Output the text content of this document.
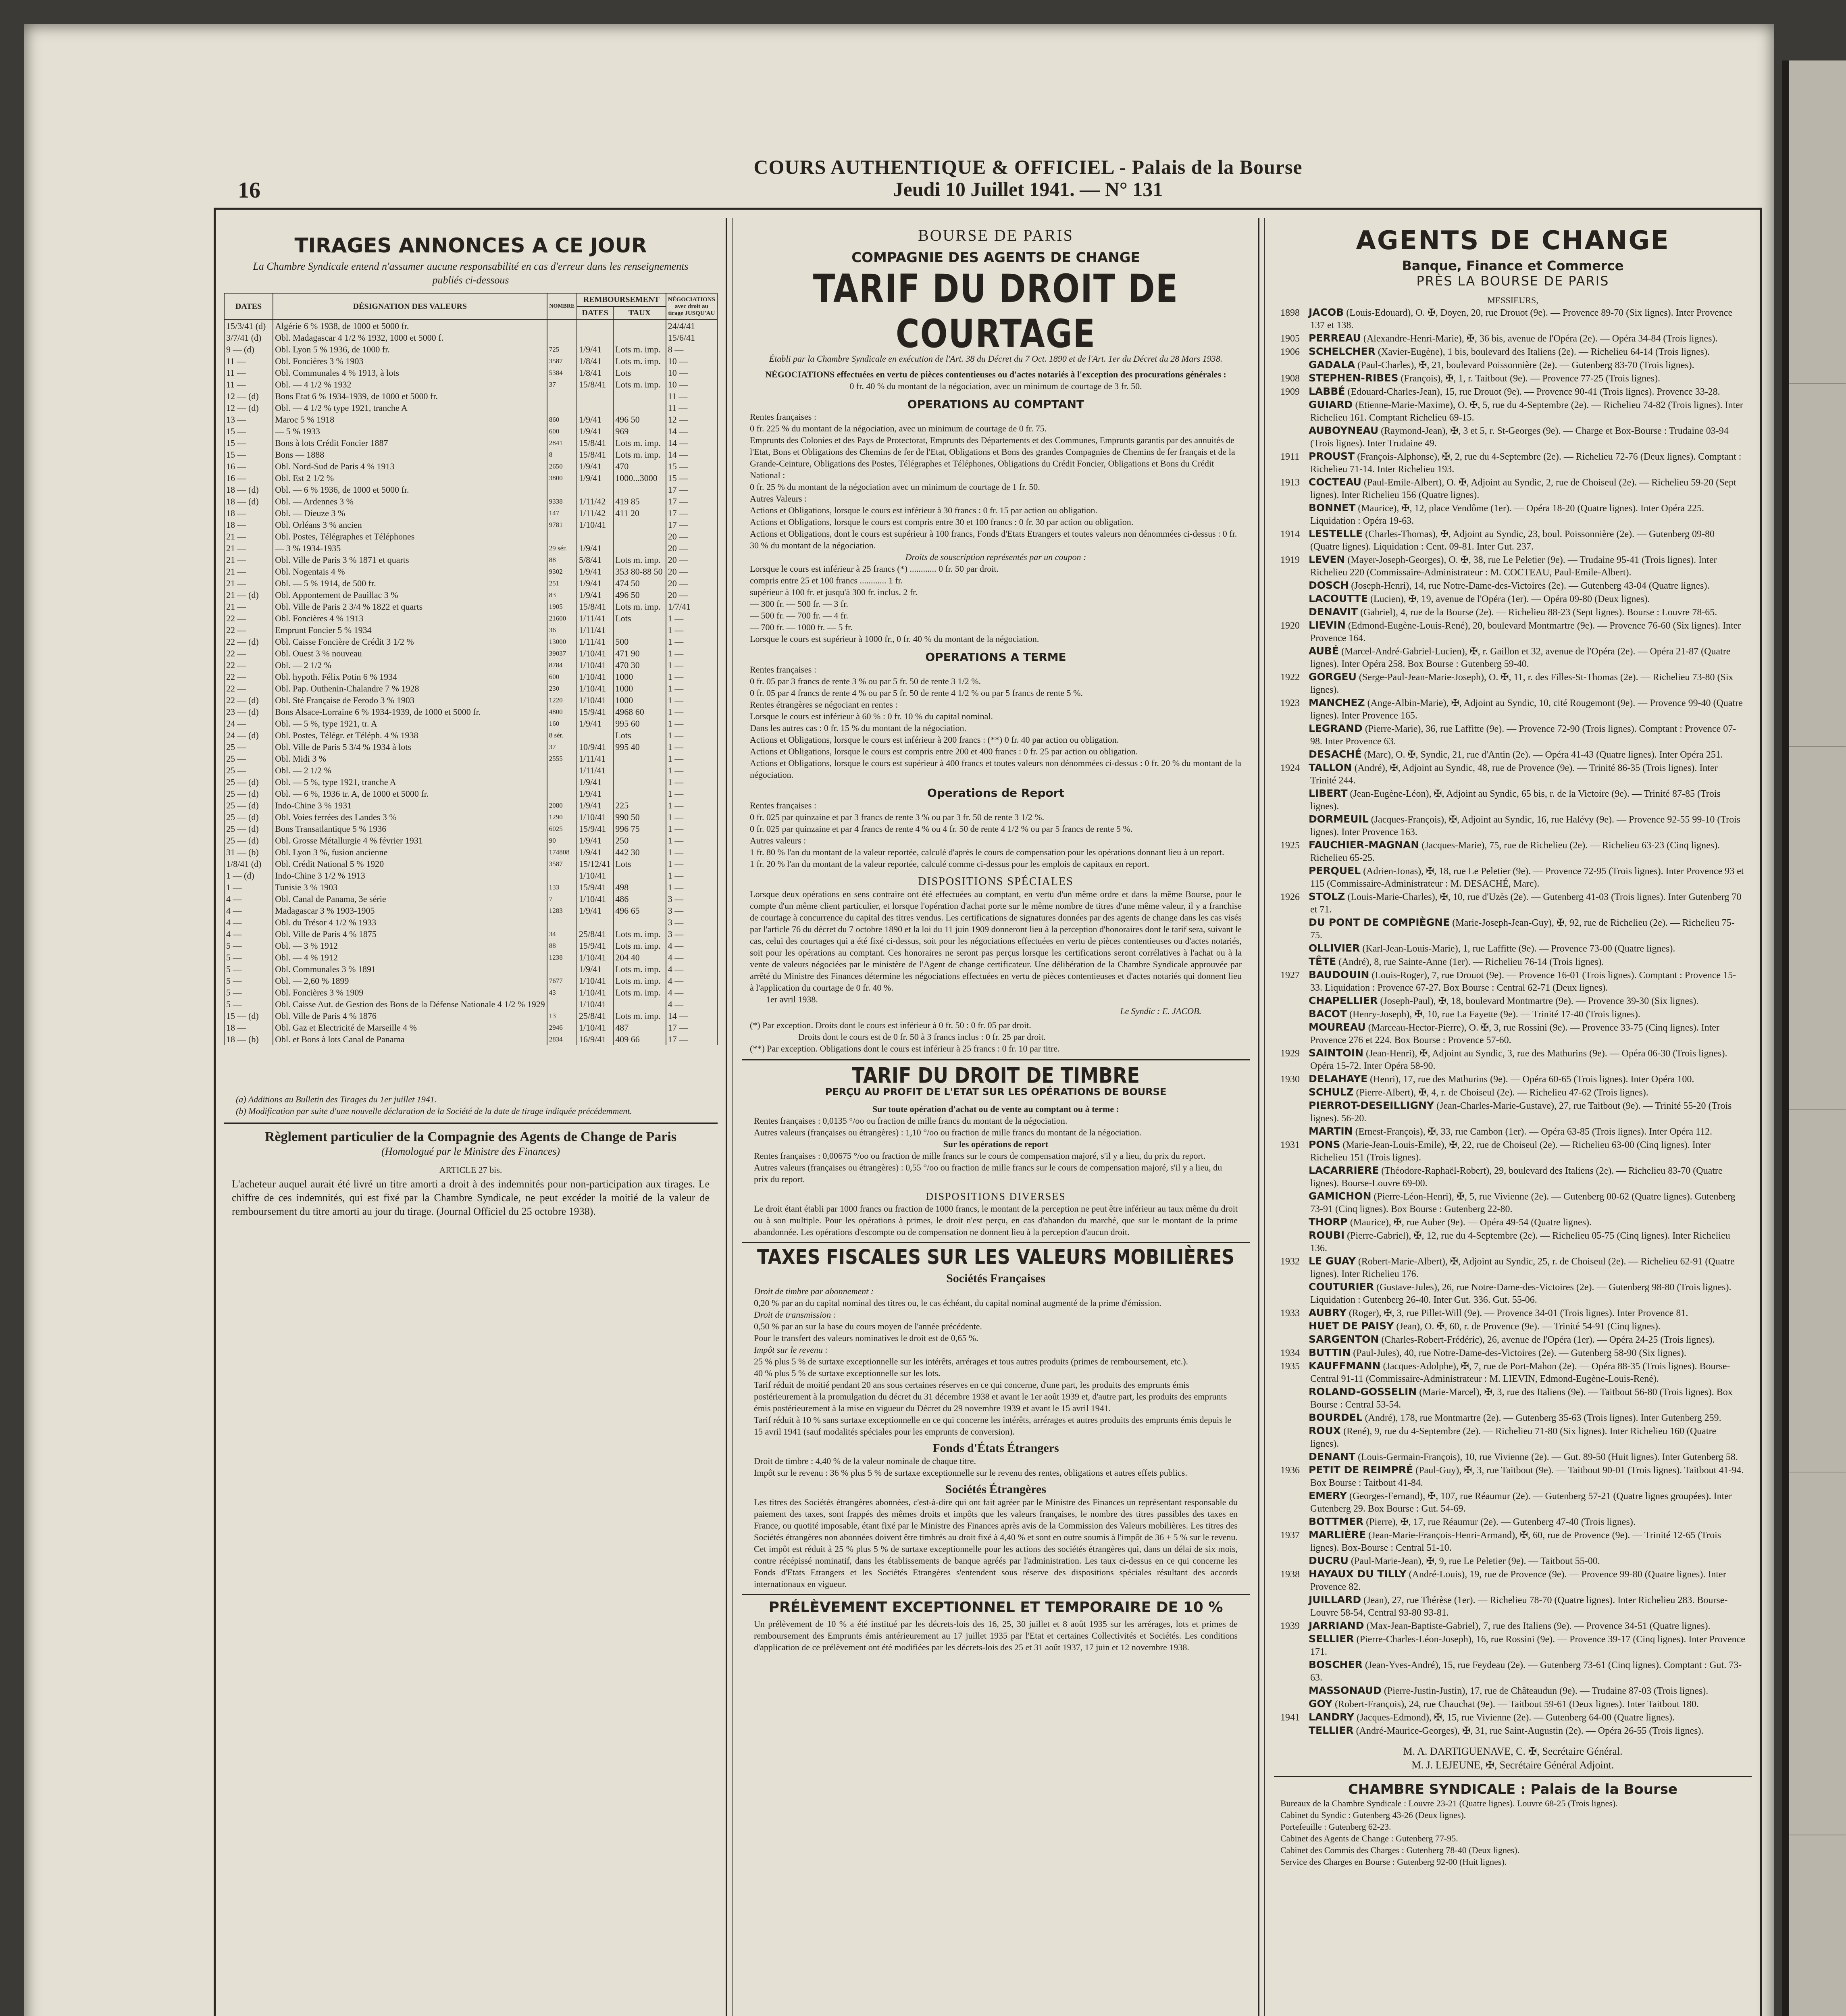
16
COURS AUTHENTIQUE & OFFICIEL - Palais de la Bourse
Jeudi 10 Juillet 1941. — N° 131
TIRAGES ANNONCES A CE JOUR
La Chambre Syndicale entend n'assumer aucune responsabilité en cas d'erreur dans les renseignements publiés ci-dessous
DATES	DÉSIGNATION DES VALEURS	NOMBRE	REMBOURSEMENT		NÉGOCIATIONS avec droit au tirage JUSQU'AU
			DATES	TAUX	
15/3/41 (d)	Algérie 6 % 1938, de 1000 et 5000 fr.				24/4/41
3/7/41 (d)	Obl. Madagascar 4 1/2 % 1932, 1000 et 5000 f.				15/6/41
9 — (d)	Obl. Lyon 5 % 1936, de 1000 fr.	725	1/9/41	Lots m. imp.	8 —
11 —	Obl. Foncières 3 % 1903	3587	1/8/41	Lots m. imp.	10 —
11 —	Obl. Communales 4 % 1913, à lots	5384	1/8/41	Lots	10 —
11 —	Obl. — 4 1/2 % 1932	37	15/8/41	Lots m. imp.	10 —
12 — (d)	Bons Etat 6 % 1934-1939, de 1000 et 5000 fr.				11 —
12 — (d)	Obl. — 4 1/2 % type 1921, tranche A				11 —
13 —	Maroc 5 % 1918	860	1/9/41	496 50	12 —
15 —	— 5 % 1933	600	1/9/41	969	14 —
15 —	Bons à lots Crédit Foncier 1887	2841	15/8/41	Lots m. imp.	14 —
15 —	Bons — 1888	8	15/8/41	Lots m. imp.	14 —
16 —	Obl. Nord-Sud de Paris 4 % 1913	2650	1/9/41	470	15 —
16 —	Obl. Est 2 1/2 %	3800	1/9/41	1000...3000	15 —
18 — (d)	Obl. — 6 % 1936, de 1000 et 5000 fr.				17 —
18 — (d)	Obl. — Ardennes 3 %	9338	1/11/42	419 85	17 —
18 —	Obl. — Dieuze 3 %	147	1/11/42	411 20	17 —
18 —	Obl. Orléans 3 % ancien	9781	1/10/41		17 —
21 —	Obl. Postes, Télégraphes et Téléphones				20 —
21 —	— 3 % 1934-1935	29 sér.	1/9/41		20 —
21 —	Obl. Ville de Paris 3 % 1871 et quarts	88	5/8/41	Lots m. imp.	20 —
21 —	Obl. Nogentais 4 %	9302	1/9/41	353 80-88 50	20 —
21 —	Obl. — 5 % 1914, de 500 fr.	251	1/9/41	474 50	20 —
21 — (d)	Obl. Appontement de Pauillac 3 %	83	1/9/41	496 50	20 —
21 —	Obl. Ville de Paris 2 3/4 % 1822 et quarts	1905	15/8/41	Lots m. imp.	1/7/41
22 —	Obl. Foncières 4 % 1913	21600	1/11/41	Lots	1 —
22 —	Emprunt Foncier 5 % 1934	36	1/11/41		1 —
22 — (d)	Obl. Caisse Foncière de Crédit 3 1/2 %	13000	1/11/41	500	1 —
22 —	Obl. Ouest 3 % nouveau	39037	1/10/41	471 90	1 —
22 —	Obl. — 2 1/2 %	8784	1/10/41	470 30	1 —
22 —	Obl. hypoth. Félix Potin 6 % 1934	600	1/10/41	1000	1 —
22 —	Obl. Pap. Outhenin-Chalandre 7 % 1928	230	1/10/41	1000	1 —
22 — (d)	Obl. Sté Française de Ferodo 3 % 1903	1220	1/10/41	1000	1 —
23 — (d)	Bons Alsace-Lorraine 6 % 1934-1939, de 1000 et 5000 fr.	4800	15/9/41	4968 60	1 —
24 —	Obl. — 5 %, type 1921, tr. A	160	1/9/41	995 60	1 —
24 — (d)	Obl. Postes, Télégr. et Téléph. 4 % 1938	8 sér.		Lots	1 —
25 —	Obl. Ville de Paris 5 3/4 % 1934 à lots	37	10/9/41	995 40	1 —
25 —	Obl. Midi 3 %	2555	1/11/41		1 —
25 —	Obl. — 2 1/2 %		1/11/41		1 —
25 — (d)	Obl. — 5 %, type 1921, tranche A		1/9/41		1 —
25 — (d)	Obl. — 6 %, 1936 tr. A, de 1000 et 5000 fr.		1/9/41		1 —
25 — (d)	Indo-Chine 3 % 1931	2080	1/9/41	225	1 —
25 — (d)	Obl. Voies ferrées des Landes 3 %	1290	1/10/41	990 50	1 —
25 — (d)	Bons Transatlantique 5 % 1936	6025	15/9/41	996 75	1 —
25 — (d)	Obl. Grosse Métallurgie 4 % février 1931	90	1/9/41	250	1 —
31 — (b)	Obl. Lyon 3 %, fusion ancienne	174808	1/9/41	442 30	1 —
1/8/41 (d)	Obl. Crédit National 5 % 1920	3587	15/12/41	Lots	1 —
1 — (d)	Indo-Chine 3 1/2 % 1913		1/10/41		1 —
1 —	Tunisie 3 % 1903	133	15/9/41	498	1 —
4 —	Obl. Canal de Panama, 3e série	7	1/10/41	486	3 —
4 —	Madagascar 3 % 1903-1905	1283	1/9/41	496 65	3 —
4 —	Obl. du Trésor 4 1/2 % 1933				3 —
4 —	Obl. Ville de Paris 4 % 1875	34	25/8/41	Lots m. imp.	3 —
5 —	Obl. — 3 % 1912	88	15/9/41	Lots m. imp.	4 —
5 —	Obl. — 4 % 1912	1238	1/10/41	204 40	4 —
5 —	Obl. Communales 3 % 1891		1/9/41	Lots m. imp.	4 —
5 —	Obl. — 2,60 % 1899	7677	1/10/41	Lots m. imp.	4 —
5 —	Obl. Foncières 3 % 1909	43	1/10/41	Lots m. imp.	4 —
5 —	Obl. Caisse Aut. de Gestion des Bons de la Défense Nationale 4 1/2 % 1929		1/10/41		4 —
15 — (d)	Obl. Ville de Paris 4 % 1876	13	25/8/41	Lots m. imp.	14 —
18 —	Obl. Gaz et Electricité de Marseille 4 %	2946	1/10/41	487	17 —
18 — (b)	Obl. et Bons à lots Canal de Panama	2834	16/9/41	409 66	17 —
(a) Additions au Bulletin des Tirages du 1er juillet 1941.
(b) Modification par suite d'une nouvelle déclaration de la Société de la date de tirage indiquée précédemment.
Règlement particulier de la Compagnie des Agents de Change de Paris
(Homologué par le Ministre des Finances)
ARTICLE 27 bis.
L'acheteur auquel aurait été livré un titre amorti a droit à des indemnités pour non-participation aux tirages. Le chiffre de ces indemnités, qui est fixé par la Chambre Syndicale, ne peut excéder la moitié de la valeur de remboursement du titre amorti au jour du tirage. (Journal Officiel du 25 octobre 1938).
BOURSE DE PARIS
COMPAGNIE DES AGENTS DE CHANGE
TARIF DU DROIT DE COURTAGE
Établi par la Chambre Syndicale en exécution de l'Art. 38 du Décret du 7 Oct. 1890 et de l'Art. 1er du Décret du 28 Mars 1938.
NÉGOCIATIONS effectuées en vertu de pièces contentieuses ou d'actes notariés à l'exception des procurations générales :
0 fr. 40 % du montant de la négociation, avec un minimum de courtage de 3 fr. 50.
OPERATIONS AU COMPTANT
Rentes françaises :
0 fr. 225 % du montant de la négociation, avec un minimum de courtage de 0 fr. 75.
Emprunts des Colonies et des Pays de Protectorat, Emprunts des Départements et des Communes, Emprunts garantis par des annuités de l'Etat, Bons et Obligations des Chemins de fer de l'Etat, Obligations et Bons des grandes Compagnies de Chemins de fer français et de la Grande-Ceinture, Obligations des Postes, Télégraphes et Téléphones, Obligations du Crédit Foncier, Obligations et Bons du Crédit National :
0 fr. 25 % du montant de la négociation avec un minimum de courtage de 1 fr. 50.
Autres Valeurs :
Actions et Obligations, lorsque le cours est inférieur à 30 francs : 0 fr. 15 par action ou obligation.
Actions et Obligations, lorsque le cours est compris entre 30 et 100 francs : 0 fr. 30 par action ou obligation.
Actions et Obligations, dont le cours est supérieur à 100 francs, Fonds d'Etats Etrangers et toutes valeurs non dénommées ci-dessus : 0 fr. 30 % du montant de la négociation.
Droits de souscription représentés par un coupon :
Lorsque le cours est inférieur à 25 francs (*) ............ 0 fr. 50 par droit.
compris entre 25 et 100 francs ............ 1 fr.
supérieur à 100 fr. et jusqu'à 300 fr. inclus. 2 fr.
— 300 fr. — 500 fr. — 3 fr.
— 500 fr. — 700 fr. — 4 fr.
— 700 fr. — 1000 fr. — 5 fr.
Lorsque le cours est supérieur à 1000 fr., 0 fr. 40 % du montant de la négociation.
OPERATIONS A TERME
Rentes françaises :
0 fr. 05 par 3 francs de rente 3 % ou par 5 fr. 50 de rente 3 1/2 %.
0 fr. 05 par 4 francs de rente 4 % ou par 5 fr. 50 de rente 4 1/2 % ou par 5 francs de rente 5 %.
Rentes étrangères se négociant en rentes :
Lorsque le cours est inférieur à 60 % : 0 fr. 10 % du capital nominal.
Dans les autres cas : 0 fr. 15 % du montant de la négociation.
Actions et Obligations, lorsque le cours est inférieur à 200 francs : (**) 0 fr. 40 par action ou obligation.
Actions et Obligations, lorsque le cours est compris entre 200 et 400 francs : 0 fr. 25 par action ou obligation.
Actions et Obligations, lorsque le cours est supérieur à 400 francs et toutes valeurs non dénommées ci-dessus : 0 fr. 20 % du montant de la négociation.
Operations de Report
Rentes françaises :
0 fr. 025 par quinzaine et par 3 francs de rente 3 % ou par 3 fr. 50 de rente 3 1/2 %.
0 fr. 025 par quinzaine et par 4 francs de rente 4 % ou 4 fr. 50 de rente 4 1/2 % ou par 5 francs de rente 5 %.
Autres valeurs :
1 fr. 80 % l'an du montant de la valeur reportée, calculé d'après le cours de compensation pour les opérations donnant lieu à un report.
1 fr. 20 % l'an du montant de la valeur reportée, calculé comme ci-dessus pour les emplois de capitaux en report.
DISPOSITIONS SPÉCIALES
Lorsque deux opérations en sens contraire ont été effectuées au comptant, en vertu d'un même ordre et dans la même Bourse, pour le compte d'un même client particulier, et lorsque l'opération d'achat porte sur le même nombre de titres d'une même valeur, il y a franchise de courtage à concurrence du capital des titres vendus. Les certifications de signatures données par des agents de change dans les cas visés par l'article 76 du décret du 7 octobre 1890 et la loi du 11 juin 1909 donneront lieu à la perception d'honoraires dont le tarif sera, suivant le cas, celui des courtages qui a été fixé ci-dessus, soit pour les négociations effectuées en vertu de pièces contentieuses ou d'actes notariés, soit pour les opérations au comptant. Ces honoraires ne seront pas perçus lorsque les certifications seront corrélatives à l'achat ou à la vente de valeurs négociées par le ministère de l'Agent de change certificateur. Une délibération de la Chambre Syndicale approuvée par arrêté du Ministre des Finances détermine les négociations effectuées en vertu de pièces contentieuses et d'actes notariés qui donnent lieu à l'application du courtage de 0 fr. 40 %.
1er avril 1938.
Le Syndic : E. JACOB.
(*) Par exception. Droits dont le cours est inférieur à 0 fr. 50 : 0 fr. 05 par droit.
Droits dont le cours est de 0 fr. 50 à 3 francs inclus : 0 fr. 25 par droit.
(**) Par exception. Obligations dont le cours est inférieur à 25 francs : 0 fr. 10 par titre.
TARIF DU DROIT DE TIMBRE
PERÇU AU PROFIT DE L'ETAT SUR LES OPÉRATIONS DE BOURSE
Sur toute opération d'achat ou de vente au comptant ou à terme :
Rentes françaises : 0,0135 °/oo ou fraction de mille francs du montant de la négociation.
Autres valeurs (françaises ou étrangères) : 1,10 °/oo ou fraction de mille francs du montant de la négociation.
Sur les opérations de report
Rentes françaises : 0,00675 °/oo ou fraction de mille francs sur le cours de compensation majoré, s'il y a lieu, du prix du report.
Autres valeurs (françaises ou étrangères) : 0,55 °/oo ou fraction de mille francs sur le cours de compensation majoré, s'il y a lieu, du prix du report.
DISPOSITIONS DIVERSES
Le droit étant établi par 1000 francs ou fraction de 1000 francs, le montant de la perception ne peut être inférieur au taux même du droit ou à son multiple. Pour les opérations à primes, le droit n'est perçu, en cas d'abandon du marché, que sur le montant de la prime abandonnée. Les opérations d'escompte ou de compensation ne donnent lieu à la perception d'aucun droit.
TAXES FISCALES SUR LES VALEURS MOBILIÈRES
Sociétés Françaises
Droit de timbre par abonnement :
0,20 % par an du capital nominal des titres ou, le cas échéant, du capital nominal augmenté de la prime d'émission.
Droit de transmission :
0,50 % par an sur la base du cours moyen de l'année précédente.
Pour le transfert des valeurs nominatives le droit est de 0,65 %.
Impôt sur le revenu :
25 % plus 5 % de surtaxe exceptionnelle sur les intérêts, arrérages et tous autres produits (primes de remboursement, etc.).
40 % plus 5 % de surtaxe exceptionnelle sur les lots.
Tarif réduit de moitié pendant 20 ans sous certaines réserves en ce qui concerne, d'une part, les produits des emprunts émis postérieurement à la promulgation du décret du 31 décembre 1938 et avant le 1er août 1939 et, d'autre part, les produits des emprunts émis postérieurement à la mise en vigueur du Décret du 29 novembre 1939 et avant le 15 avril 1941.
Tarif réduit à 10 % sans surtaxe exceptionnelle en ce qui concerne les intérêts, arrérages et autres produits des emprunts émis depuis le 15 avril 1941 (sauf modalités spéciales pour les emprunts de conversion).
Fonds d'États Étrangers
Droit de timbre : 4,40 % de la valeur nominale de chaque titre.
Impôt sur le revenu : 36 % plus 5 % de surtaxe exceptionnelle sur le revenu des rentes, obligations et autres effets publics.
Sociétés Étrangères
Les titres des Sociétés étrangères abonnées, c'est-à-dire qui ont fait agréer par le Ministre des Finances un représentant responsable du paiement des taxes, sont frappés des mêmes droits et impôts que les valeurs françaises, le nombre des titres passibles des taxes en France, ou quotité imposable, étant fixé par le Ministre des Finances après avis de la Commission des Valeurs mobilières. Les titres des Sociétés étrangères non abonnées doivent être timbrés au droit fixé à 4,40 % et sont en outre soumis à l'impôt de 36 + 5 % sur le revenu. Cet impôt est réduit à 25 % plus 5 % de surtaxe exceptionnelle pour les actions des sociétés étrangères qui, dans un délai de six mois, contre récépissé nominatif, dans les établissements de banque agréés par l'administration. Les taux ci-dessus en ce qui concerne les Fonds d'Etats Etrangers et les Sociétés Etrangères s'entendent sous réserve des dispositions spéciales résultant des accords internationaux en vigueur.
PRÉLÈVEMENT EXCEPTIONNEL ET TEMPORAIRE DE 10 %
Un prélèvement de 10 % a été institué par les décrets-lois des 16, 25, 30 juillet et 8 août 1935 sur les arrérages, lots et primes de remboursement des Emprunts émis antérieurement au 17 juillet 1935 par l'Etat et certaines Collectivités et Sociétés. Les conditions d'application de ce prélèvement ont été modifiées par les décrets-lois des 25 et 31 août 1937, 17 juin et 12 novembre 1938.
AGENTS DE CHANGE
Banque, Finance et Commerce
PRÈS LA BOURSE DE PARIS
MESSIEURS,

1898 JACOB (Louis-Edouard), O. ✠, Doyen, 20, rue Drouot (9e). — Provence 89-70 (Six lignes). Inter Provence 137 et 138.

1905 PERREAU (Alexandre-Henri-Marie), ✠, 36 bis, avenue de l'Opéra (2e). — Opéra 34-84 (Trois lignes).

1906 SCHELCHER (Xavier-Eugène), 1 bis, boulevard des Italiens (2e). — Richelieu 64-14 (Trois lignes).

GADALA (Paul-Charles), ✠, 21, boulevard Poissonnière (2e). — Gutenberg 83-70 (Trois lignes).

1908 STEPHEN-RIBES (François), ✠, 1, r. Taitbout (9e). — Provence 77-25 (Trois lignes).

1909 LABBÉ (Edouard-Charles-Jean), 15, rue Drouot (9e). — Provence 90-41 (Trois lignes). Provence 33-28.

GUIARD (Etienne-Marie-Maxime), O. ✠, 5, rue du 4-Septembre (2e). — Richelieu 74-82 (Trois lignes). Inter Richelieu 161. Comptant Richelieu 69-15.

AUBOYNEAU (Raymond-Jean), ✠, 3 et 5, r. St-Georges (9e). — Charge et Box-Bourse : Trudaine 03-94 (Trois lignes). Inter Trudaine 49.

1911 PROUST (François-Alphonse), ✠, 2, rue du 4-Septembre (2e). — Richelieu 72-76 (Deux lignes). Comptant : Richelieu 71-14. Inter Richelieu 193.

1913 COCTEAU (Paul-Emile-Albert), O. ✠, Adjoint au Syndic, 2, rue de Choiseul (2e). — Richelieu 59-20 (Sept lignes). Inter Richelieu 156 (Quatre lignes).

BONNET (Maurice), ✠, 12, place Vendôme (1er). — Opéra 18-20 (Quatre lignes). Inter Opéra 225. Liquidation : Opéra 19-63.

1914 LESTELLE (Charles-Thomas), ✠, Adjoint au Syndic, 23, boul. Poissonnière (2e). — Gutenberg 09-80 (Quatre lignes). Liquidation : Cent. 09-81. Inter Gut. 237.

1919 LEVEN (Mayer-Joseph-Georges), O. ✠, 38, rue Le Peletier (9e). — Trudaine 95-41 (Trois lignes). Inter Richelieu 220 (Commissaire-Administrateur : M. COCTEAU, Paul-Emile-Albert).

DOSCH (Joseph-Henri), 14, rue Notre-Dame-des-Victoires (2e). — Gutenberg 43-04 (Quatre lignes).

LACOUTTE (Lucien), ✠, 19, avenue de l'Opéra (1er). — Opéra 09-80 (Deux lignes).

DENAVIT (Gabriel), 4, rue de la Bourse (2e). — Richelieu 88-23 (Sept lignes). Bourse : Louvre 78-65.

1920 LIEVIN (Edmond-Eugène-Louis-René), 20, boulevard Montmartre (9e). — Provence 76-60 (Six lignes). Inter Provence 164.

AUBÉ (Marcel-André-Gabriel-Lucien), ✠, r. Gaillon et 32, avenue de l'Opéra (2e). — Opéra 21-87 (Quatre lignes). Inter Opéra 258. Box Bourse : Gutenberg 59-40.

1922 GORGEU (Serge-Paul-Jean-Marie-Joseph), O. ✠, 11, r. des Filles-St-Thomas (2e). — Richelieu 73-80 (Six lignes).

1923 MANCHEZ (Ange-Albin-Marie), ✠, Adjoint au Syndic, 10, cité Rougemont (9e). — Provence 99-40 (Quatre lignes). Inter Provence 165.

LEGRAND (Pierre-Marie), 36, rue Laffitte (9e). — Provence 72-90 (Trois lignes). Comptant : Provence 07-98. Inter Provence 63.

DESACHÉ (Marc), O. ✠, Syndic, 21, rue d'Antin (2e). — Opéra 41-43 (Quatre lignes). Inter Opéra 251.

1924 TALLON (André), ✠, Adjoint au Syndic, 48, rue de Provence (9e). — Trinité 86-35 (Trois lignes). Inter Trinité 244.

LIBERT (Jean-Eugène-Léon), ✠, Adjoint au Syndic, 65 bis, r. de la Victoire (9e). — Trinité 87-85 (Trois lignes).

DORMEUIL (Jacques-François), ✠, Adjoint au Syndic, 16, rue Halévy (9e). — Provence 92-55 99-10 (Trois lignes). Inter Provence 163.

1925 FAUCHIER-MAGNAN (Jacques-Marie), 75, rue de Richelieu (2e). — Richelieu 63-23 (Cinq lignes). Richelieu 65-25.

PERQUEL (Adrien-Jonas), ✠, 18, rue Le Peletier (9e). — Provence 72-95 (Trois lignes). Inter Provence 93 et 115 (Commissaire-Administrateur : M. DESACHÉ, Marc).

1926 STOLZ (Louis-Marie-Charles), ✠, 10, rue d'Uzès (2e). — Gutenberg 41-03 (Trois lignes). Inter Gutenberg 70 et 71.

DU PONT DE COMPIÈGNE (Marie-Joseph-Jean-Guy), ✠, 92, rue de Richelieu (2e). — Richelieu 75-75.

OLLIVIER (Karl-Jean-Louis-Marie), 1, rue Laffitte (9e). — Provence 73-00 (Quatre lignes).

TÊTE (André), 8, rue Sainte-Anne (1er). — Richelieu 76-14 (Trois lignes).

1927 BAUDOUIN (Louis-Roger), 7, rue Drouot (9e). — Provence 16-01 (Trois lignes). Comptant : Provence 15-33. Liquidation : Provence 67-27. Box Bourse : Central 62-71 (Deux lignes).

CHAPELLIER (Joseph-Paul), ✠, 18, boulevard Montmartre (9e). — Provence 39-30 (Six lignes).

BACOT (Henry-Joseph), ✠, 10, rue La Fayette (9e). — Trinité 17-40 (Trois lignes).

MOUREAU (Marceau-Hector-Pierre), O. ✠, 3, rue Rossini (9e). — Provence 33-75 (Cinq lignes). Inter Provence 276 et 224. Box Bourse : Provence 57-60.

1929 SAINTOIN (Jean-Henri), ✠, Adjoint au Syndic, 3, rue des Mathurins (9e). — Opéra 06-30 (Trois lignes). Opéra 15-72. Inter Opéra 58-90.

1930 DELAHAYE (Henri), 17, rue des Mathurins (9e). — Opéra 60-65 (Trois lignes). Inter Opéra 100.

SCHULZ (Pierre-Albert), ✠, 4, r. de Choiseul (2e). — Richelieu 47-62 (Trois lignes).

PIERROT-DESEILLIGNY (Jean-Charles-Marie-Gustave), 27, rue Taitbout (9e). — Trinité 55-20 (Trois lignes). 56-20.

MARTIN (Ernest-François), ✠, 33, rue Cambon (1er). — Opéra 63-85 (Trois lignes). Inter Opéra 112.

1931 PONS (Marie-Jean-Louis-Emile), ✠, 22, rue de Choiseul (2e). — Richelieu 63-00 (Cinq lignes). Inter Richelieu 151 (Trois lignes).

LACARRIERE (Théodore-Raphaël-Robert), 29, boulevard des Italiens (2e). — Richelieu 83-70 (Quatre lignes). Bourse-Louvre 69-00.

GAMICHON (Pierre-Léon-Henri), ✠, 5, rue Vivienne (2e). — Gutenberg 00-62 (Quatre lignes). Gutenberg 73-91 (Cinq lignes). Box Bourse : Gutenberg 22-80.

THORP (Maurice), ✠, rue Auber (9e). — Opéra 49-54 (Quatre lignes).

ROUBI (Pierre-Gabriel), ✠, 12, rue du 4-Septembre (2e). — Richelieu 05-75 (Cinq lignes). Inter Richelieu 136.

1932 LE GUAY (Robert-Marie-Albert), ✠, Adjoint au Syndic, 25, r. de Choiseul (2e). — Richelieu 62-91 (Quatre lignes). Inter Richelieu 176.

COUTURIER (Gustave-Jules), 26, rue Notre-Dame-des-Victoires (2e). — Gutenberg 98-80 (Trois lignes). Liquidation : Gutenberg 26-40. Inter Gut. 336. Gut. 55-06.

1933 AUBRY (Roger), ✠, 3, rue Pillet-Will (9e). — Provence 34-01 (Trois lignes). Inter Provence 81.

HUET DE PAISY (Jean), O. ✠, 60, r. de Provence (9e). — Trinité 54-91 (Cinq lignes).

SARGENTON (Charles-Robert-Frédéric), 26, avenue de l'Opéra (1er). — Opéra 24-25 (Trois lignes).

1934 BUTTIN (Paul-Jules), 40, rue Notre-Dame-des-Victoires (2e). — Gutenberg 58-90 (Six lignes).

1935 KAUFFMANN (Jacques-Adolphe), ✠, 7, rue de Port-Mahon (2e). — Opéra 88-35 (Trois lignes). Bourse-Central 91-11 (Commissaire-Administrateur : M. LIEVIN, Edmond-Eugène-Louis-René).

ROLAND-GOSSELIN (Marie-Marcel), ✠, 3, rue des Italiens (9e). — Taitbout 56-80 (Trois lignes). Box Bourse : Central 53-54.

BOURDEL (André), 178, rue Montmartre (2e). — Gutenberg 35-63 (Trois lignes). Inter Gutenberg 259.

ROUX (René), 9, rue du 4-Septembre (2e). — Richelieu 71-80 (Six lignes). Inter Richelieu 160 (Quatre lignes).

DENANT (Louis-Germain-François), 10, rue Vivienne (2e). — Gut. 89-50 (Huit lignes). Inter Gutenberg 58.

1936 PETIT DE REIMPRÉ (Paul-Guy), ✠, 3, rue Taitbout (9e). — Taitbout 90-01 (Trois lignes). Taitbout 41-94. Box Bourse : Taitbout 41-84.

EMERY (Georges-Fernand), ✠, 107, rue Réaumur (2e). — Gutenberg 57-21 (Quatre lignes groupées). Inter Gutenberg 29. Box Bourse : Gut. 54-69.

BOTTMER (Pierre), ✠, 17, rue Réaumur (2e). — Gutenberg 47-40 (Trois lignes).

1937 MARLIÈRE (Jean-Marie-François-Henri-Armand), ✠, 60, rue de Provence (9e). — Trinité 12-65 (Trois lignes). Box-Bourse : Central 51-10.

DUCRU (Paul-Marie-Jean), ✠, 9, rue Le Peletier (9e). — Taitbout 55-00.

1938 HAYAUX DU TILLY (André-Louis), 19, rue de Provence (9e). — Provence 99-80 (Quatre lignes). Inter Provence 82.

JUILLARD (Jean), 27, rue Thérèse (1er). — Richelieu 78-70 (Quatre lignes). Inter Richelieu 283. Bourse-Louvre 58-54, Central 93-80 93-81.

1939 JARRIAND (Max-Jean-Baptiste-Gabriel), 7, rue des Italiens (9e). — Provence 34-51 (Quatre lignes).

SELLIER (Pierre-Charles-Léon-Joseph), 16, rue Rossini (9e). — Provence 39-17 (Cinq lignes). Inter Provence 171.

BOSCHER (Jean-Yves-André), 15, rue Feydeau (2e). — Gutenberg 73-61 (Cinq lignes). Comptant : Gut. 73-63.

MASSONAUD (Pierre-Justin-Justin), 17, rue de Châteaudun (9e). — Trudaine 87-03 (Trois lignes).

GOY (Robert-François), 24, rue Chauchat (9e). — Taitbout 59-61 (Deux lignes). Inter Taitbout 180.

1941 LANDRY (Jacques-Edmond), ✠, 15, rue Vivienne (2e). — Gutenberg 64-00 (Quatre lignes).

TELLIER (André-Maurice-Georges), ✠, 31, rue Saint-Augustin (2e). — Opéra 26-55 (Trois lignes).

M. A. DARTIGUENAVE, C. ✠, Secrétaire Général.
M. J. LEJEUNE, ✠, Secrétaire Général Adjoint.
CHAMBRE SYNDICALE : Palais de la Bourse
Bureaux de la Chambre Syndicale : Louvre 23-21 (Quatre lignes). Louvre 68-25 (Trois lignes).
Cabinet du Syndic : Gutenberg 43-26 (Deux lignes).
Portefeuille : Gutenberg 62-23.
Cabinet des Agents de Change : Gutenberg 77-95.
Cabinet des Commis des Charges : Gutenberg 78-40 (Deux lignes).
Service des Charges en Bourse : Gutenberg 92-00 (Huit lignes).
